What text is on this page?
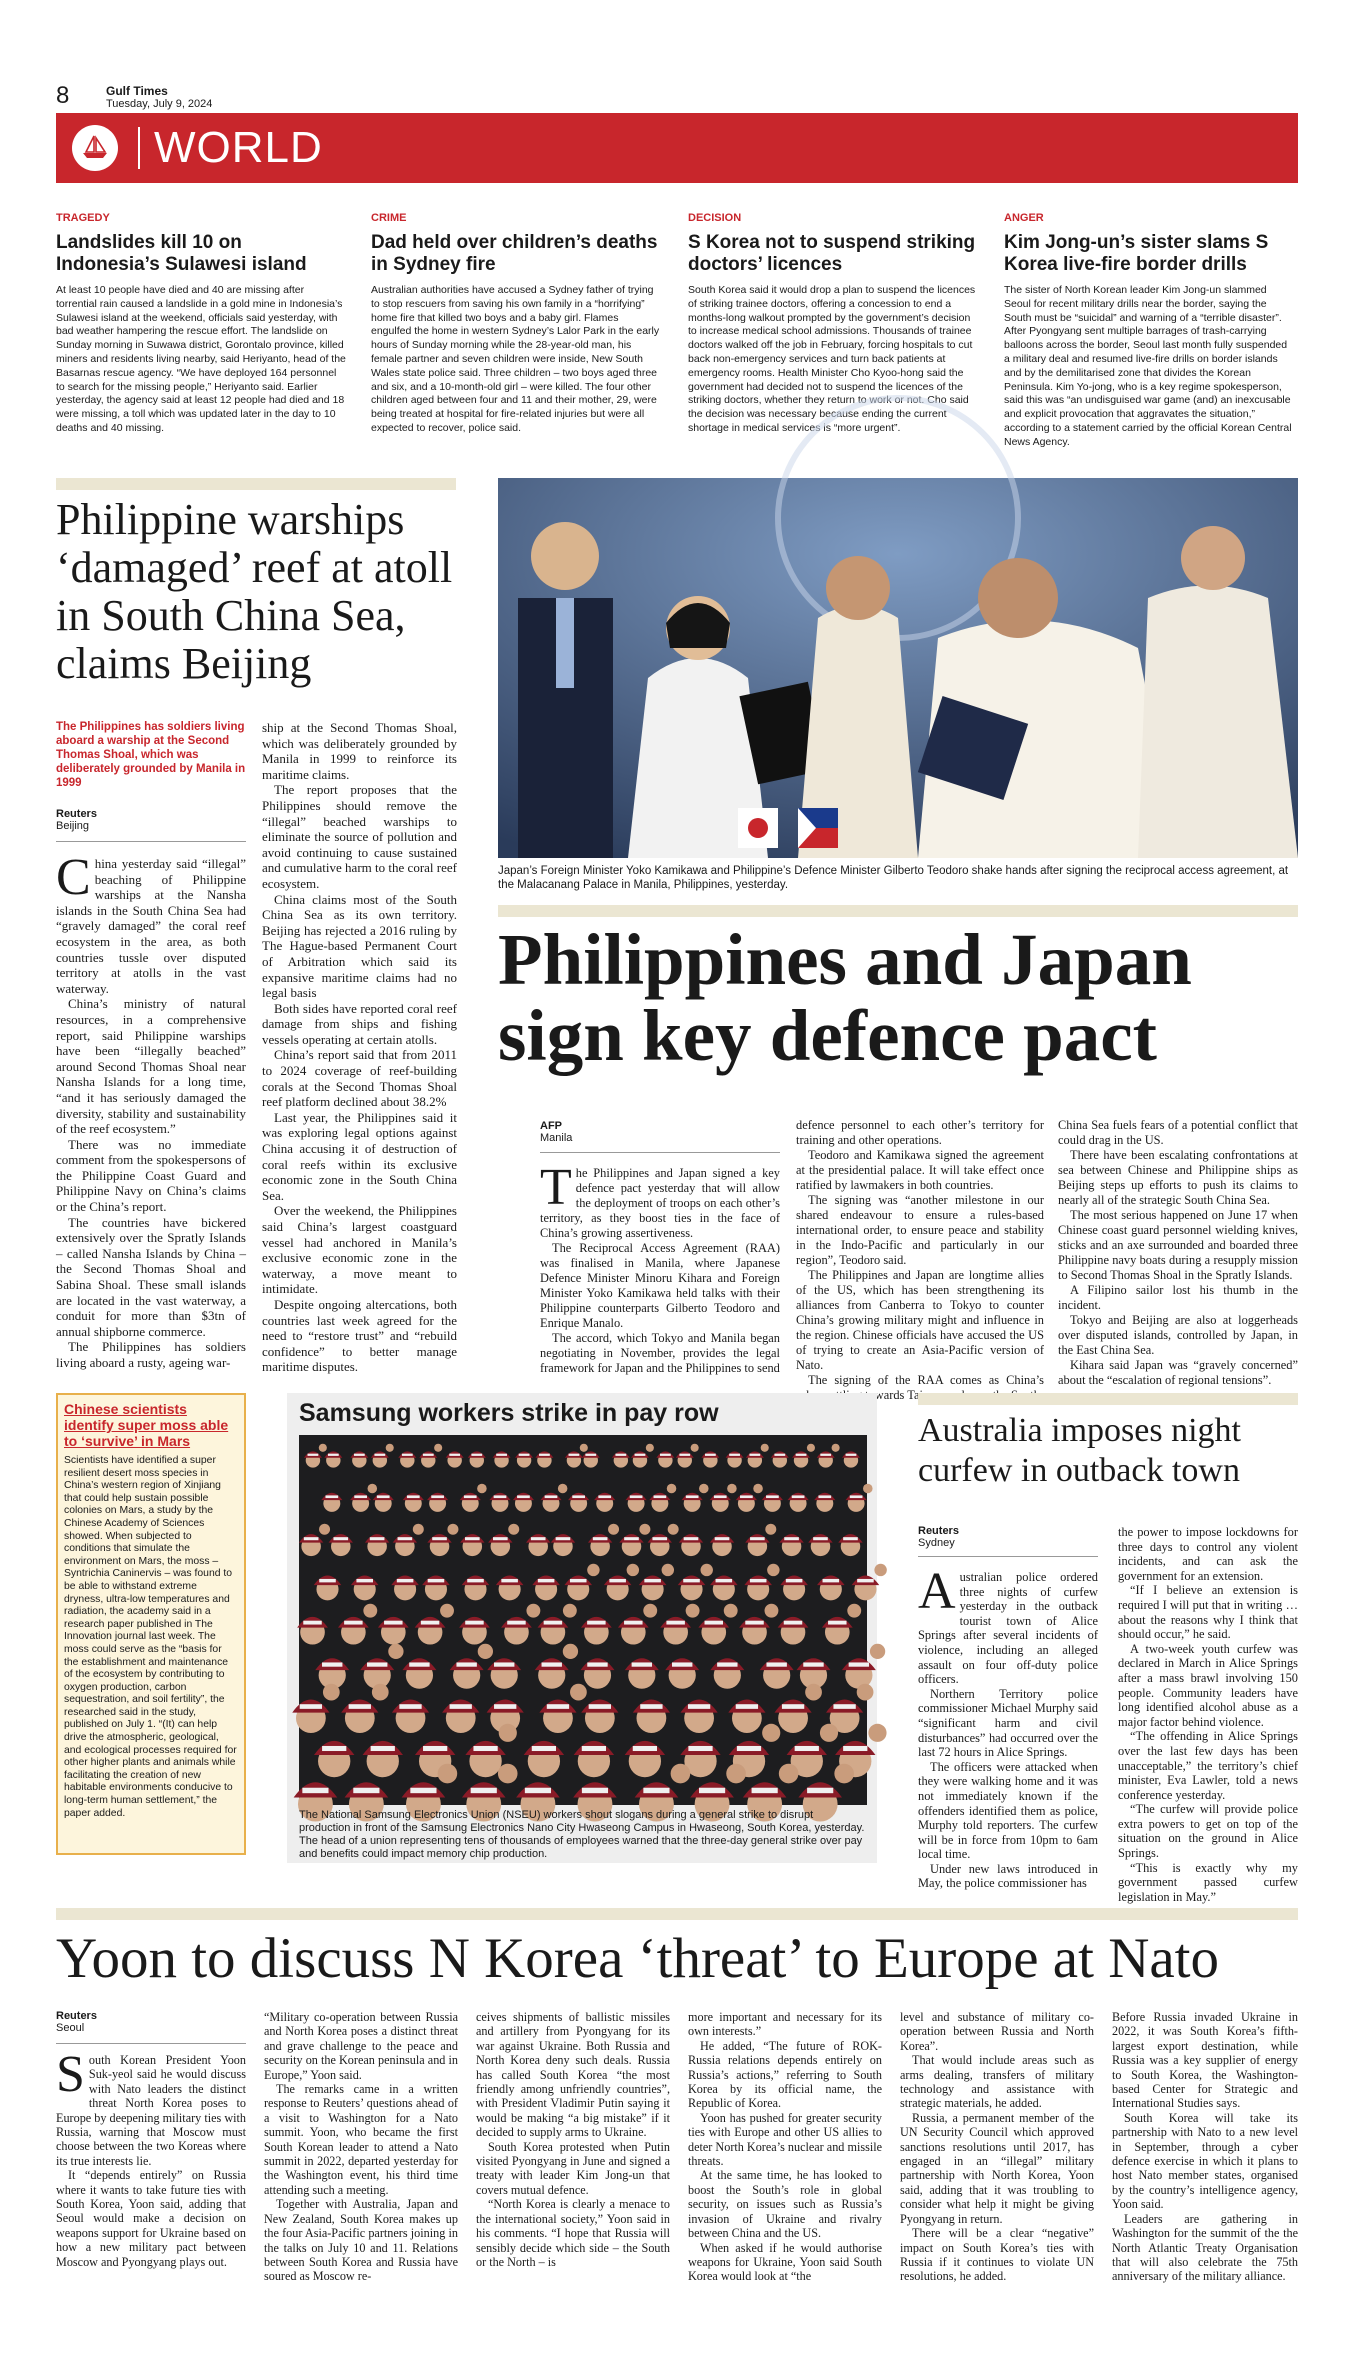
8	Gulf Times
Tuesday, July 9, 2024
WORLD
TRAGEDY
Landslides kill 10 on Indonesia’s Sulawesi island
At least 10 people have died and 40 are missing after torrential rain caused a landslide in a gold mine in Indonesia’s Sulawesi island at the weekend, officials said yesterday, with bad weather hampering the rescue effort. The landslide on Sunday morning in Suwawa district, Gorontalo province, killed miners and residents living nearby, said Heriyanto, head of the Basarnas rescue agency. “We have deployed 164 personnel to search for the missing people,” Heriyanto said. Earlier yesterday, the agency said at least 12 people had died and 18 were missing, a toll which was updated later in the day to 10 deaths and 40 missing.
CRIME
Dad held over children’s deaths in Sydney fire
Australian authorities have accused a Sydney father of trying to stop rescuers from saving his own family in a “horrifying” home fire that killed two boys and a baby girl. Flames engulfed the home in western Sydney’s Lalor Park in the early hours of Sunday morning while the 28-year-old man, his female partner and seven children were inside, New South Wales state police said. Three children – two boys aged three and six, and a 10-month-old girl – were killed. The four other children aged between four and 11 and their mother, 29, were being treated at hospital for fire-related injuries but were all expected to recover, police said.
DECISION
S Korea not to suspend striking doctors’ licences
South Korea said it would drop a plan to suspend the licences of striking trainee doctors, offering a concession to end a months-long walkout prompted by the government’s decision to increase medical school admissions. Thousands of trainee doctors walked off the job in February, forcing hospitals to cut back non-emergency services and turn back patients at emergency rooms. Health Minister Cho Kyoo-hong said the government had decided not to suspend the licences of the striking doctors, whether they return to work or not. Cho said the decision was necessary because ending the current shortage in medical services is “more urgent”.
ANGER
Kim Jong-un’s sister slams S Korea live-fire border drills
The sister of North Korean leader Kim Jong-un slammed Seoul for recent military drills near the border, saying the South must be “suicidal” and warning of a “terrible disaster”. After Pyongyang sent multiple barrages of trash-carrying balloons across the border, Seoul last month fully suspended a military deal and resumed live-fire drills on border islands and by the demilitarised zone that divides the Korean Peninsula. Kim Yo-jong, who is a key regime spokesperson, said this was “an undisguised war game (and) an inexcusable and explicit provocation that aggravates the situation,” according to a statement carried by the official Korean Central News Agency.
Philippine warships ‘damaged’ reef at atoll in South China Sea, claims Beijing
The Philippines has soldiers living aboard a warship at the Second Thomas Shoal, which was deliberately grounded by Manila in 1999
Reuters
Beijing

China yesterday said “illegal” beaching of Philippine warships at the Nansha islands in the South China Sea had “gravely damaged” the coral reef ecosystem in the area, as both countries tussle over disputed territory at atolls in the vast waterway.

China’s ministry of natural resources, in a comprehensive report, said Philippine warships have been “illegally beached” around Second Thomas Shoal near Nansha Islands for a long time, “and it has seriously damaged the diversity, stability and sustainability of the reef ecosystem.”

There was no immediate comment from the spokespersons of the Philippine Coast Guard and Philippine Navy on China’s claims or the China’s report.

The countries have bickered extensively over the Spratly Islands – called Nansha Islands by China – the Second Thomas Shoal and Sabina Shoal. These small islands are located in the vast waterway, a conduit for more than $3tn of annual shipborne commerce.

The Philippines has soldiers living aboard a rusty, ageing war-

ship at the Second Thomas Shoal, which was deliberately grounded by Manila in 1999 to reinforce its maritime claims.

The report proposes that the Philippines should remove the “illegal” beached warships to eliminate the source of pollution and avoid continuing to cause sustained and cumulative harm to the coral reef ecosystem.

China claims most of the South China Sea as its own territory. Beijing has rejected a 2016 ruling by The Hague-based Permanent Court of Arbitration which said its expansive maritime claims had no legal basis

Both sides have reported coral reef damage from ships and fishing vessels operating at certain atolls.

China’s report said that from 2011 to 2024 coverage of reef-building corals at the Second Thomas Shoal reef platform declined about 38.2%

Last year, the Philippines said it was exploring legal options against China accusing it of destruction of coral reefs within its exclusive economic zone in the South China Sea.

Over the weekend, the Philippines said China’s largest coastguard vessel had anchored in Manila’s exclusive economic zone in the waterway, a move meant to intimidate.

Despite ongoing altercations, both countries last week agreed for the need to “restore trust” and “rebuild confidence” to better manage maritime disputes.

Japan’s Foreign Minister Yoko Kamikawa and Philippine’s Defence Minister Gilberto Teodoro shake hands after signing the reciprocal access agreement, at the Malacanang Palace in Manila, Philippines, yesterday.
Philippines and Japan sign key defence pact
AFP
Manila

The Philippines and Japan signed a key defence pact yesterday that will allow the deployment of troops on each other’s territory, as they boost ties in the face of China’s growing assertiveness.

The Reciprocal Access Agreement (RAA) was finalised in Manila, where Japanese Defence Minister Minoru Kihara and Foreign Minister Yoko Kamikawa held talks with their Philippine counterparts Gilberto Teodoro and Enrique Manalo.

The accord, which Tokyo and Manila began negotiating in November, provides the legal framework for Japan and the Philippines to send

defence personnel to each other’s territory for training and other operations.

Teodoro and Kamikawa signed the agreement at the presidential palace. It will take effect once ratified by lawmakers in both countries.

The signing was “another milestone in our shared endeavour to ensure a rules-based international order, to ensure peace and stability in the Indo-Pacific and particularly in our region”, Teodoro said.

The Philippines and Japan are longtime allies of the US, which has been strengthening its alliances from Canberra to Tokyo to counter China’s growing military might and influence in the region. Chinese officials have accused the US of trying to create an Asia-Pacific version of Nato.

The signing of the RAA comes as China’s towards

China Sea fuels fears of a potential conflict that could drag in the US.

There have been escalating confrontations at sea between Chinese and Philippine ships as Beijing steps up efforts to push its claims to nearly all of the strategic South China Sea.

The most serious happened on June 17 when Chinese coast guard personnel wielding knives, sticks and an axe surrounded and boarded three Philippine navy boats during a resupply mission to Second Thomas Shoal in the Spratly Islands.

A Filipino sailor lost his thumb in the incident.

Tokyo and Beijing are also at loggerheads over disputed islands, controlled by Japan, in the East China Sea.

Kihara said Japan was “gravely concerned” about the “escalation of regional tensions”.

Chinese scientists identify super moss able to ‘survive’ in Mars
Scientists have identified a super resilient desert moss species in China’s western region of Xinjiang that could help sustain possible colonies on Mars, a study by the Chinese Academy of Sciences showed. When subjected to conditions that simulate the environment on Mars, the moss – Syntrichia Caninervis – was found to be able to withstand extreme dryness, ultra-low temperatures and radiation, the academy said in a research paper published in The Innovation journal last week. The moss could serve as the “basis for the establishment and maintenance of the ecosystem by contributing to oxygen production, carbon sequestration, and soil fertility”, the researched said in the study, published on July 1. “(It) can help drive the atmospheric, geological, and ecological processes required for other higher plants and animals while facilitating the creation of new habitable environments conducive to long-term human settlement,” the paper added.
Samsung workers strike in pay row
The National Samsung Electronics Union (NSEU) workers shout slogans during a general strike to disrupt production in front of the Samsung Electronics Nano City Hwaseong Campus in Hwaseong, South Korea, yesterday. The head of a union representing tens of thousands of employees warned that the three-day general strike over pay and benefits could impact memory chip production.
Australia imposes night curfew in outback town
Reuters
Sydney

Australian police ordered three nights of curfew yesterday in the outback tourist town of Alice Springs after several incidents of violence, including an alleged assault on four off-duty police officers.

Northern Territory police commissioner Michael Murphy said “significant harm and civil disturbances” had occurred over the last 72 hours in Alice Springs.

The officers were attacked when they were walking home and it was not immediately known if the offenders identified them as police, Murphy told reporters. The curfew will be in force from 10pm to 6am local time.

Under new laws introduced in May, the police commissioner has

the power to impose lockdowns for three days to control any violent incidents, and can ask the government for an extension.

“If I believe an extension is required I will put that in writing … about the reasons why I think that should occur,” he said.

A two-week youth curfew was declared in March in Alice Springs after a mass brawl involving 150 people. Community leaders have long identified alcohol abuse as a major factor behind violence.

“The offending in Alice Springs over the last few days has been unacceptable,” the territory’s chief minister, Eva Lawler, told a news conference yesterday.

“The curfew will provide police extra powers to get on top of the situation on the ground in Alice Springs.

“This is exactly why my government passed curfew legislation in May.”

Yoon to discuss N Korea ‘threat’ to Europe at Nato
Reuters
Seoul

South Korean President Yoon Suk-yeol said he would discuss with Nato leaders the distinct threat North Korea poses to Europe by deepening military ties with Russia, warning that Moscow must choose between the two Koreas where its true interests lie.

It “depends entirely” on Russia where it wants to take future ties with South Korea, Yoon said, adding that Seoul would make a decision on weapons support for Ukraine based on how a new military pact between Moscow and Pyongyang plays out.

“Military co-operation between Russia and North Korea poses a distinct threat and grave challenge to the peace and security on the Korean peninsula and in Europe,” Yoon said.

The remarks came in a written response to Reuters’ questions ahead of a visit to Washington for a Nato summit. Yoon, who became the first South Korean leader to attend a Nato summit in 2022, departed yesterday for the Washington event, his third time attending such a meeting.

Together with Australia, Japan and New Zealand, South Korea makes up the four Asia-Pacific partners joining in the talks on July 10 and 11. Relations between South Korea and Russia have soured as Moscow re-

ceives shipments of ballistic missiles and artillery from Pyongyang for its war against Ukraine. Both Russia and North Korea deny such deals. Russia has called South Korea “the most friendly among unfriendly countries”, with President Vladimir Putin saying it would be making “a big mistake” if it decided to supply arms to Ukraine.

South Korea protested when Putin visited Pyongyang in June and signed a treaty with leader Kim Jong-un that covers mutual defence.

“North Korea is clearly a menace to the international society,” Yoon said in his comments. “I hope that Russia will sensibly decide which side – the South or the North – is

more important and necessary for its own interests.”

He added, “The future of ROK-Russia relations depends entirely on Russia’s actions,” referring to South Korea by its official name, the Republic of Korea.

Yoon has pushed for greater security ties with Europe and other US allies to deter North Korea’s nuclear and missile threats.

At the same time, he has looked to boost the South’s role in global security, on issues such as Russia’s invasion of Ukraine and rivalry between China and the US.

When asked if he would authorise weapons for Ukraine, Yoon said South Korea would look at “the

level and substance of military co-operation between Russia and North Korea”.

That would include areas such as arms dealing, transfers of military technology and assistance with strategic materials, he added.

Russia, a permanent member of the UN Security Council which approved sanctions resolutions until 2017, has engaged in an “illegal” military partnership with North Korea, Yoon said, adding that it was troubling to consider what help it might be giving Pyongyang in return.

There will be a clear “negative” impact on South Korea’s ties with Russia if it continues to violate UN resolutions, he added.

Before Russia invaded Ukraine in 2022, it was South Korea’s fifth-largest export destination, while Russia was a key supplier of energy to South Korea, the Washington-based Center for Strategic and International Studies says.

South Korea will take its partnership with Nato to a new level in September, through a cyber defence exercise in which it plans to host Nato member states, organised by the country’s intelligence agency, Yoon said.

Leaders are gathering in Washington for the summit of the the North Atlantic Treaty Organisation that will also celebrate the 75th anniversary of the military alliance.
